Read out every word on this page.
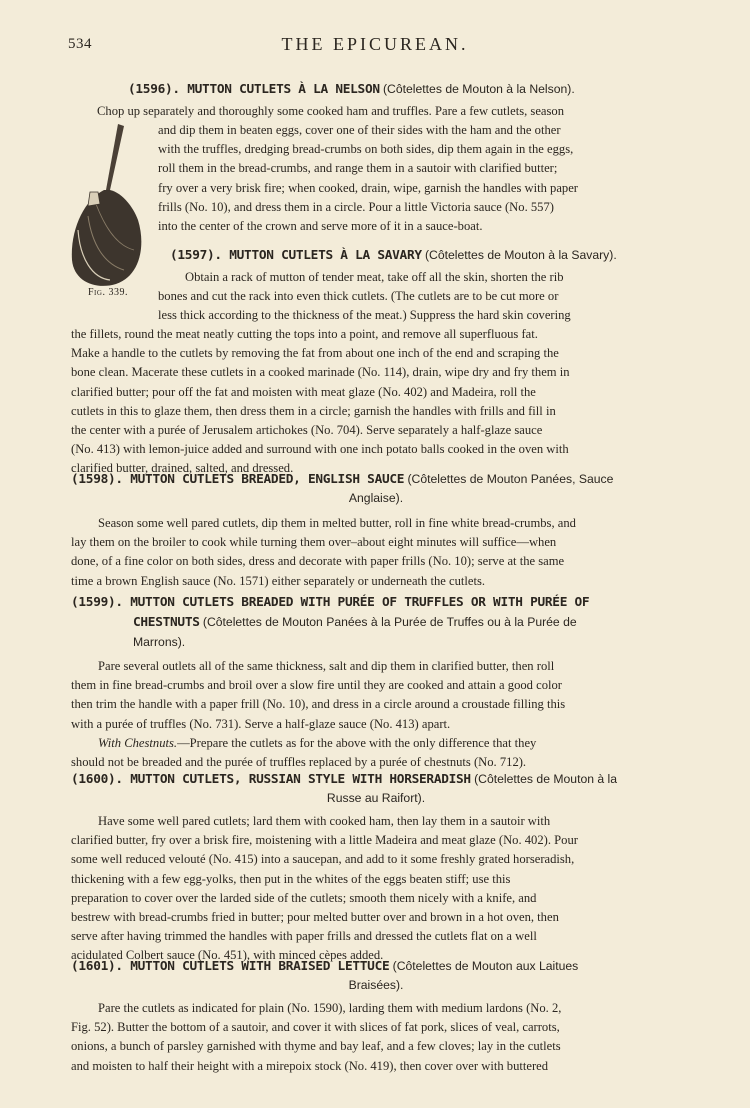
534	THE EPICUREAN.
Fig. 339.

(1596). MUTTON CUTLETS À LA NELSON (Côtelettes de Mouton à la Nelson).

Chop up separately and thoroughly some cooked ham and truffles. Pare a few cutlets, season

and dip them in beaten eggs, cover one of their sides with the ham and the other

with the truffles, dredging bread-crumbs on both sides, dip them again in the eggs,

roll them in the bread-crumbs, and range them in a sautoir with clarified butter;

fry over a very brisk fire; when cooked, drain, wipe, garnish the handles with paper

frills (No. 10), and dress them in a circle. Pour a little Victoria sauce (No. 557)

into the center of the crown and serve more of it in a sauce-boat.

(1597). MUTTON CUTLETS À LA SAVARY (Côtelettes de Mouton à la Savary).

Obtain a rack of mutton of tender meat, take off all the skin, shorten the rib

bones and cut the rack into even thick cutlets. (The cutlets are to be cut more or

less thick according to the thickness of the meat.) Suppress the hard skin covering

the fillets, round the meat neatly cutting the tops into a point, and remove all superfluous fat.

Make a handle to the cutlets by removing the fat from about one inch of the end and scraping the

bone clean. Macerate these cutlets in a cooked marinade (No. 114), drain, wipe dry and fry them in

clarified butter; pour off the fat and moisten with meat glaze (No. 402) and Madeira, roll the

cutlets in this to glaze them, then dress them in a circle; garnish the handles with frills and fill in

the center with a purée of Jerusalem artichokes (No. 704). Serve separately a half-glaze sauce

(No. 413) with lemon-juice added and surround with one inch potato balls cooked in the oven with

clarified butter, drained, salted, and dressed.

(1598). MUTTON CUTLETS BREADED, ENGLISH SAUCE (Côtelettes de Mouton Panées, Sauce
Anglaise).

Season some well pared cutlets, dip them in melted butter, roll in fine white bread-crumbs, and

lay them on the broiler to cook while turning them over–about eight minutes will suffice—when

done, of a fine color on both sides, dress and decorate with paper frills (No. 10); serve at the same

time a brown English sauce (No. 1571) either separately or underneath the cutlets.

(1599). MUTTON CUTLETS BREADED WITH PURÉE OF TRUFFLES OR WITH PURÉE OF
CHESTNUTS (Côtelettes de Mouton Panées à la Purée de Truffes ou à la Purée de
Marrons).

Pare several outlets all of the same thickness, salt and dip them in clarified butter, then roll

them in fine bread-crumbs and broil over a slow fire until they are cooked and attain a good color

then trim the handle with a paper frill (No. 10), and dress in a circle around a croustade filling this

with a purée of truffles (No. 731). Serve a half-glaze sauce (No. 413) apart.

With Chestnuts.—Prepare the cutlets as for the above with the only difference that they

should not be breaded and the purée of truffles replaced by a purée of chestnuts (No. 712).

(1600). MUTTON CUTLETS, RUSSIAN STYLE WITH HORSERADISH (Côtelettes de Mouton à la
Russe au Raifort).

Have some well pared cutlets; lard them with cooked ham, then lay them in a sautoir with

clarified butter, fry over a brisk fire, moistening with a little Madeira and meat glaze (No. 402). Pour

some well reduced velouté (No. 415) into a saucepan, and add to it some freshly grated horseradish,

thickening with a few egg-yolks, then put in the whites of the eggs beaten stiff; use this

preparation to cover over the larded side of the cutlets; smooth them nicely with a knife, and

bestrew with bread-crumbs fried in butter; pour melted butter over and brown in a hot oven, then

serve after having trimmed the handles with paper frills and dressed the cutlets flat on a well

acidulated Colbert sauce (No. 451), with minced cèpes added.

(1601). MUTTON CUTLETS WITH BRAISED LETTUCE (Côtelettes de Mouton aux Laitues
Braisées).

Pare the cutlets as indicated for plain (No. 1590), larding them with medium lardons (No. 2,

Fig. 52). Butter the bottom of a sautoir, and cover it with slices of fat pork, slices of veal, carrots,

onions, a bunch of parsley garnished with thyme and bay leaf, and a few cloves; lay in the cutlets

and moisten to half their height with a mirepoix stock (No. 419), then cover over with buttered
